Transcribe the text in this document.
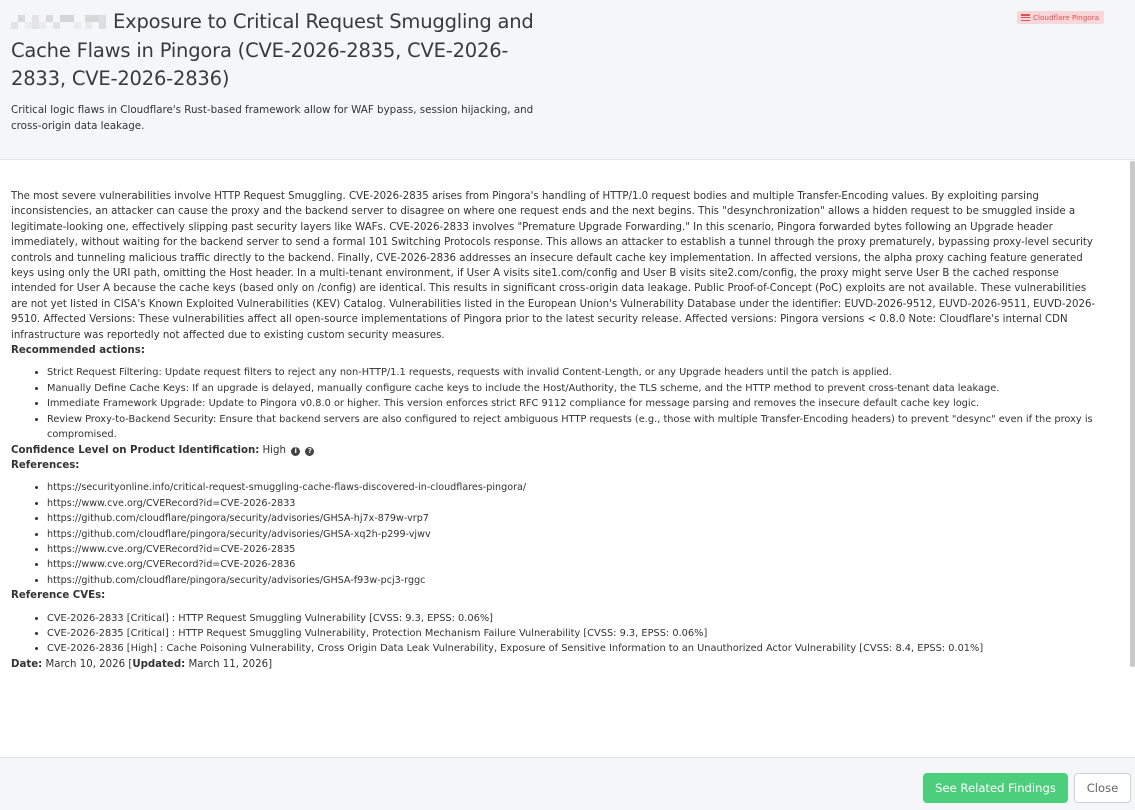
Exposure to Critical Request Smuggling and Cache Flaws in Pingora (CVE-2026-2835, CVE-2026-2833, CVE-2026-2836)
Critical logic flaws in Cloudflare's Rust-based framework allow for WAF bypass, session hijacking, and cross-origin data leakage.
Cloudflare Pingora

The most severe vulnerabilities involve HTTP Request Smuggling. CVE-2026-2835 arises from Pingora's handling of HTTP/1.0 request bodies and multiple Transfer-Encoding values. By exploiting parsing inconsistencies, an attacker can cause the proxy and the backend server to disagree on where one request ends and the next begins. This "desynchronization" allows a hidden request to be smuggled inside a legitimate-looking one, effectively slipping past security layers like WAFs. CVE-2026-2833 involves "Premature Upgrade Forwarding." In this scenario, Pingora forwarded bytes following an Upgrade header immediately, without waiting for the backend server to send a formal 101 Switching Protocols response. This allows an attacker to establish a tunnel through the proxy prematurely, bypassing proxy-level security controls and tunneling malicious traffic directly to the backend. Finally, CVE-2026-2836 addresses an insecure default cache key implementation. In affected versions, the alpha proxy caching feature generated keys using only the URI path, omitting the Host header. In a multi-tenant environment, if User A visits site1.com/config and User B visits site2.com/config, the proxy might serve User B the cached response intended for User A because the cache keys (based only on /config) are identical. This results in significant cross-origin data leakage. Public Proof-of-Concept (PoC) exploits are not available. These vulnerabilities are not yet listed in CISA's Known Exploited Vulnerabilities (KEV) Catalog. Vulnerabilities listed in the European Union's Vulnerability Database under the identifier: EUVD-2026-9512, EUVD-2026-9511, EUVD-2026-9510. Affected Versions: These vulnerabilities affect all open-source implementations of Pingora prior to the latest security release. Affected versions: Pingora versions < 0.8.0 Note: Cloudflare's internal CDN infrastructure was reportedly not affected due to existing custom security measures.

Recommended actions:

• Strict Request Filtering: Update request filters to reject any non-HTTP/1.1 requests, requests with invalid Content-Length, or any Upgrade headers until the patch is applied.
• Manually Define Cache Keys: If an upgrade is delayed, manually configure cache keys to include the Host/Authority, the TLS scheme, and the HTTP method to prevent cross-tenant data leakage.
• Immediate Framework Upgrade: Update to Pingora v0.8.0 or higher. This version enforces strict RFC 9112 compliance for message parsing and removes the insecure default cache key logic.
• Review Proxy-to-Backend Security: Ensure that backend servers are also configured to reject ambiguous HTTP requests (e.g., those with multiple Transfer-Encoding headers) to prevent "desync" even if the proxy is compromised.

Confidence Level on Product Identification: High i ?

References:

• https://securityonline.info/critical-request-smuggling-cache-flaws-discovered-in-cloudflares-pingora/
• https://www.cve.org/CVERecord?id=CVE-2026-2833
• https://github.com/cloudflare/pingora/security/advisories/GHSA-hj7x-879w-vrp7
• https://github.com/cloudflare/pingora/security/advisories/GHSA-xq2h-p299-vjwv
• https://www.cve.org/CVERecord?id=CVE-2026-2835
• https://www.cve.org/CVERecord?id=CVE-2026-2836
• https://github.com/cloudflare/pingora/security/advisories/GHSA-f93w-pcj3-rggc

Reference CVEs:

• CVE-2026-2833 [Critical] : HTTP Request Smuggling Vulnerability [CVSS: 9.3, EPSS: 0.06%]
• CVE-2026-2835 [Critical] : HTTP Request Smuggling Vulnerability, Protection Mechanism Failure Vulnerability [CVSS: 9.3, EPSS: 0.06%]
• CVE-2026-2836 [High] : Cache Poisoning Vulnerability, Cross Origin Data Leak Vulnerability, Exposure of Sensitive Information to an Unauthorized Actor Vulnerability [CVSS: 8.4, EPSS: 0.01%]

Date: March 10, 2026 [Updated: March 11, 2026]

See Related Findings	Close
